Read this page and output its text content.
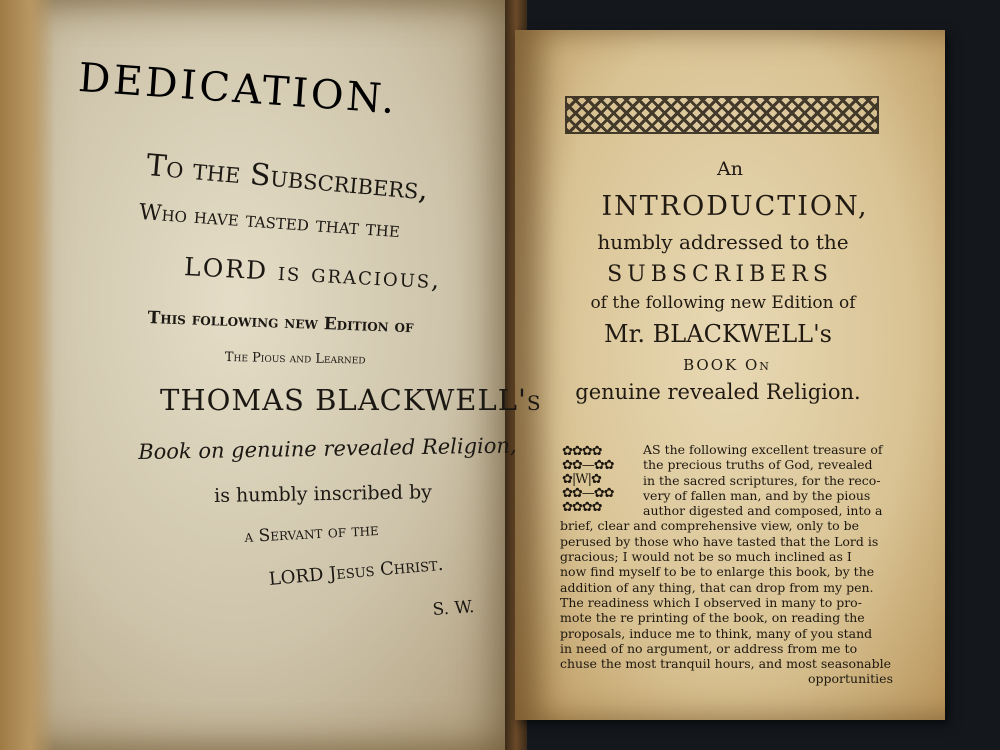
DEDICATION.
To the Subscribers,
Who have tasted that the
LORD is gracious,
This following new Edition of
The Pious and Learned
THOMAS BLACKWELL's
Book on genuine revealed Religion,
is humbly inscribed by
a Servant of the
LORD Jesus Christ.
S. W.
An
INTRODUCTION,
humbly addressed to the
SUBSCRIBERS
of the following new Edition of
Mr. BLACKWELL's
BOOK On
genuine revealed Religion.
✿✿✿✿
✿✿—✿✿
✿|W|✿
✿✿—✿✿
✿✿✿✿
AS the following excellent treasure of
the precious truths of God, revealed
in the sacred scriptures, for the reco-
very of fallen man, and by the pious
author digested and composed, into a
brief, clear and comprehensive view, only to be
perused by those who have tasted that the Lord is
gracious; I would not be so much inclined as I
now find myself to be to enlarge this book, by the
addition of any thing, that can drop from my pen.
The readiness which I observed in many to pro-
mote the re printing of the book, on reading the
proposals, induce me to think, many of you stand
in need of no argument, or address from me to
chuse the most tranquil hours, and most seasonable
opportunities
